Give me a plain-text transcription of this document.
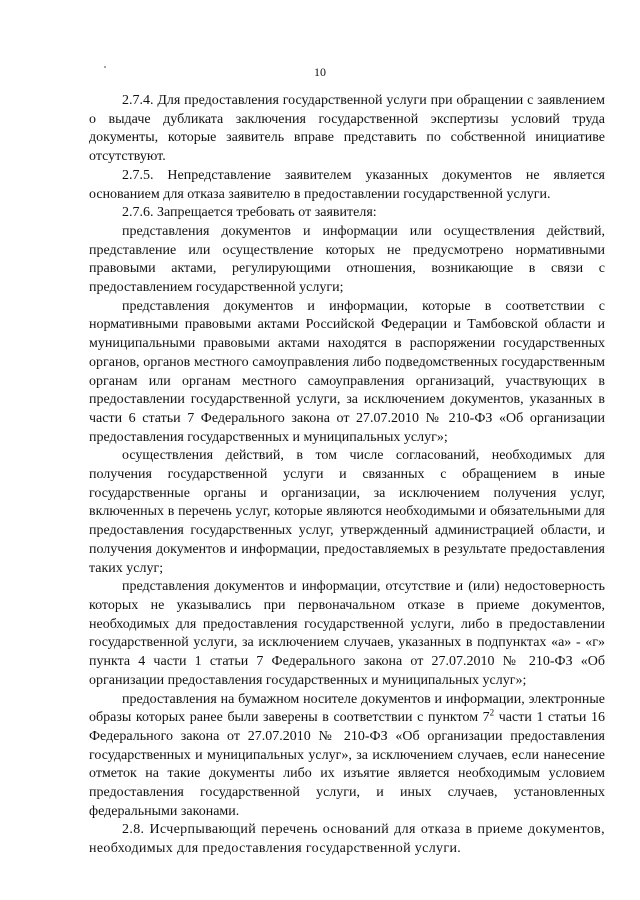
10

2.7.4. Для предоставления государственной услуги при обращении с заявлением о выдаче дубликата заключения государственной экспертизы условий труда документы, которые заявитель вправе представить по собственной инициативе отсутствуют.

2.7.5. Непредставление заявителем указанных документов не является основанием для отказа заявителю в предоставлении государственной услуги.

2.7.6. Запрещается требовать от заявителя:

представления документов и информации или осуществления действий, представление или осуществление которых не предусмотрено нормативными правовыми актами, регулирующими отношения, возникающие в связи с предоставлением государственной услуги;

представления документов и информации, которые в соответствии с нормативными правовыми актами Российской Федерации и Тамбовской области и муниципальными правовыми актами находятся в распоряжении государственных органов, органов местного самоуправления либо подведомственных государственным органам или органам местного самоуправления организаций, участвующих в предоставлении государственной услуги, за исключением документов, указанных в части 6 статьи 7 Федерального закона от 27.07.2010 № 210-ФЗ «Об организации предоставления государственных и муниципальных услуг»;

осуществления действий, в том числе согласований, необходимых для получения государственной услуги и связанных с обращением в иные государственные органы и организации, за исключением получения услуг, включенных в перечень услуг, которые являются необходимыми и обязательными для предоставления государственных услуг, утвержденный администрацией области, и получения документов и информации, предоставляемых в результате предоставления таких услуг;

представления документов и информации, отсутствие и (или) недостоверность которых не указывались при первоначальном отказе в приеме документов, необходимых для предоставления государственной услуги, либо в предоставлении государственной услуги, за исключением случаев, указанных в подпунктах «а» - «г» пункта 4 части 1 статьи 7 Федерального закона от 27.07.2010 № 210-ФЗ «Об организации предоставления государственных и муниципальных услуг»;

предоставления на бумажном носителе документов и информации, электронные образы которых ранее были заверены в соответствии с пунктом $7^2$ части 1 статьи 16 Федерального закона от 27.07.2010 № 210-ФЗ «Об организации предоставления государственных и муниципальных услуг», за исключением случаев, если нанесение отметок на такие документы либо их изъятие является необходимым условием предоставления государственной услуги, и иных случаев, установленных федеральными законами.

2.8. Исчерпывающий перечень оснований для отказа в приеме документов, необходимых для предоставления государственной услуги.
